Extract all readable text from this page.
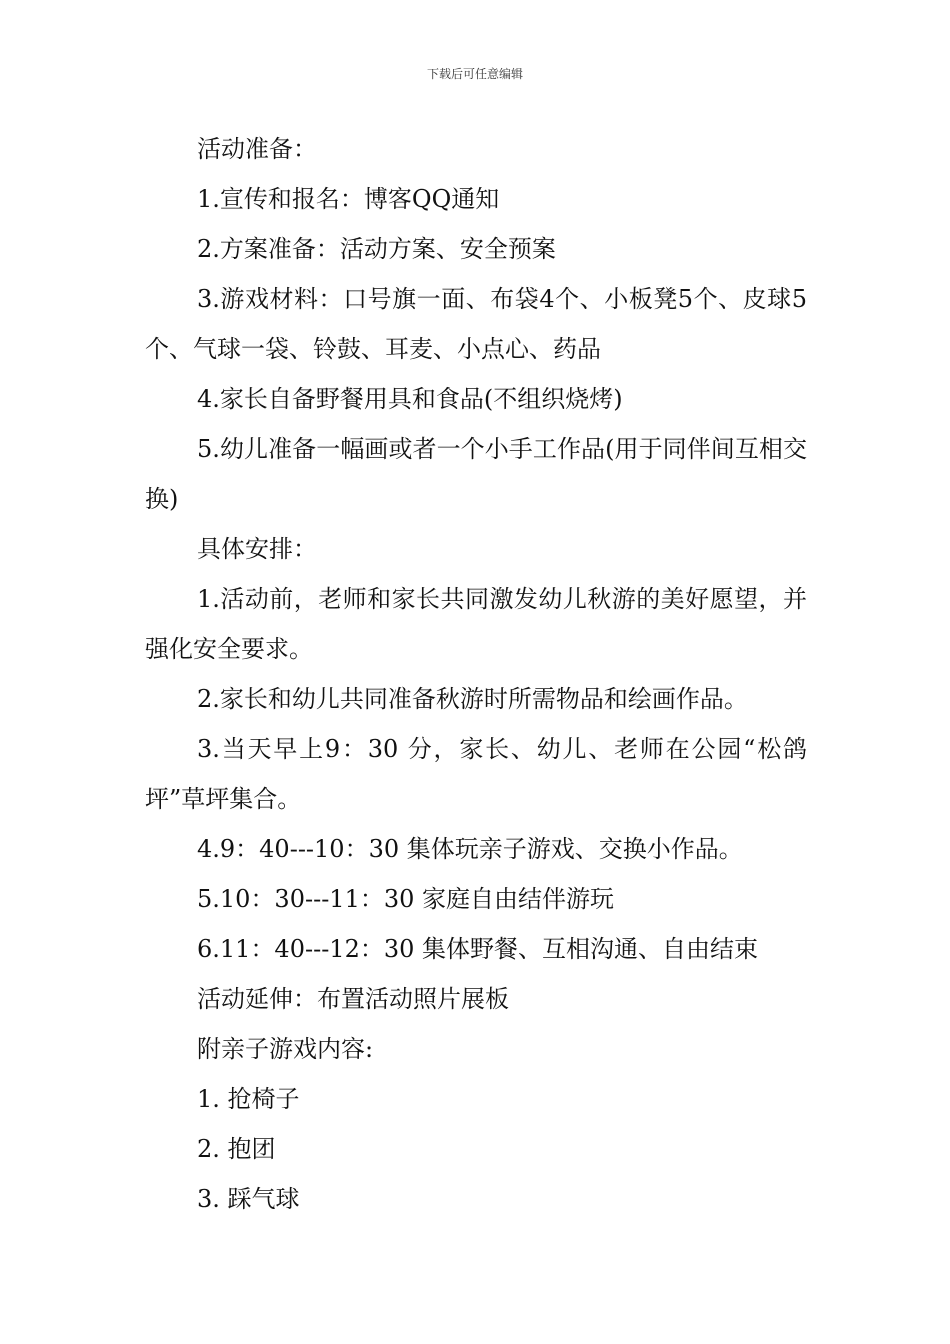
下载后可任意编辑

活动准备：

1.宣传和报名：博客QQ通知

2.方案准备：活动方案、安全预案

3.游戏材料：口号旗一面、布袋4个、小板凳5个、皮球5个、气球一袋、铃鼓、耳麦、小点心、药品

4.家长自备野餐用具和食品(不组织烧烤)

5.幼儿准备一幅画或者一个小手工作品(用于同伴间互相交换)

具体安排：

1.活动前，老师和家长共同激发幼儿秋游的美好愿望，并强化安全要求。

2.家长和幼儿共同准备秋游时所需物品和绘画作品。

3.当天早上9：30 分，家长、幼儿、老师在公园“松鸽坪”草坪集合。

4.9：40---10：30 集体玩亲子游戏、交换小作品。

5.10：30---11：30 家庭自由结伴游玩

6.11：40---12：30 集体野餐、互相沟通、自由结束

活动延伸：布置活动照片展板

附亲子游戏内容:

1. 抢椅子

2. 抱团

3. 踩气球
